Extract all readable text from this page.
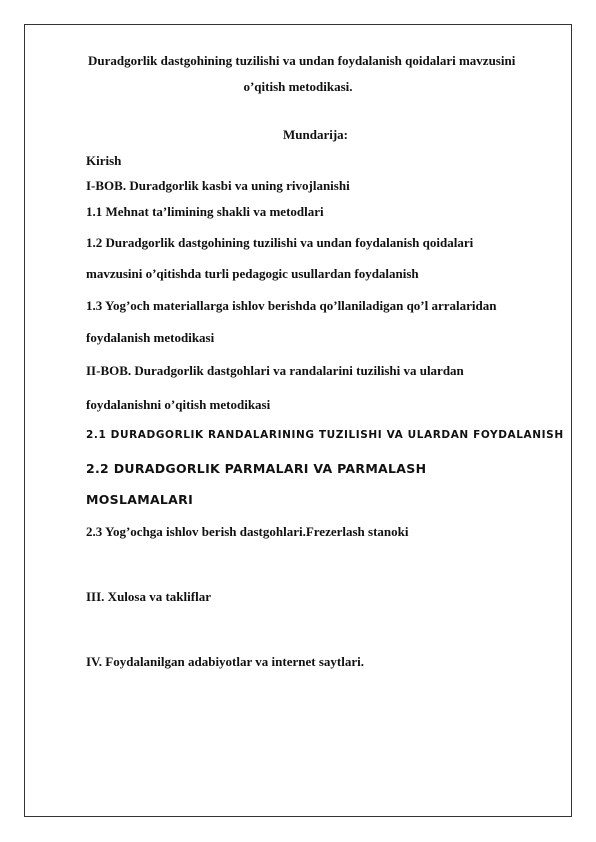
Duradgorlik dastgohining tuzilishi va undan foydalanish qoidalari mavzusini
o’qitish metodikasi.
Mundarija:
Kirish
I-BOB. Duradgorlik kasbi va uning rivojlanishi
1.1 Mehnat ta’limining shakli va metodlari
1.2 Duradgorlik dastgohining tuzilishi va undan foydalanish qoidalari
mavzusini o’qitishda turli pedagogic usullardan foydalanish
1.3 Yog’och materiallarga ishlov berishda qo’llaniladigan qo’l arralaridan
foydalanish metodikasi
II-BOB. Duradgorlik dastgohlari va randalarini tuzilishi va ulardan
foydalanishni o’qitish metodikasi
2.1 DURADGORLIK RANDALARINING TUZILISHI VA ULARDAN FOYDALANISH
2.2 DURADGORLIK PARMALARI VA PARMALASH
MOSLAMALARI
2.3 Yog’ochga ishlov berish dastgohlari.Frezerlash stanoki
III. Xulosa va takliflar
IV. Foydalanilgan adabiyotlar va internet saytlari.
